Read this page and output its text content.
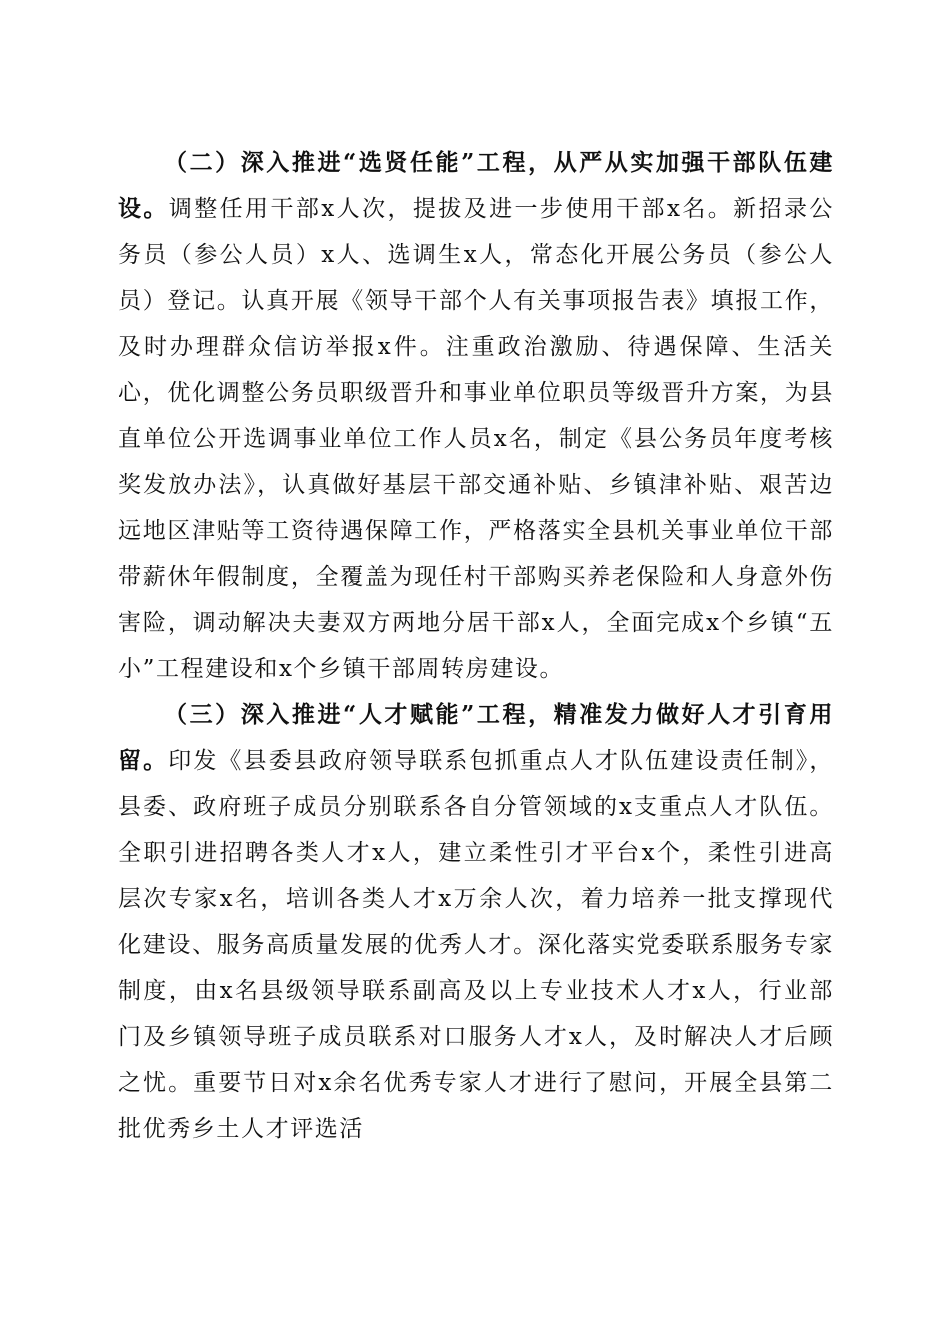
（二）深入推进“选贤任能”工程，从严从实加强干部队伍建设。调整任用干部x人次，提拔及进一步使用干部x名。新招录公务员（参公人员）x人、选调生x人，常态化开展公务员（参公人员）登记。认真开展《领导干部个人有关事项报告表》填报工作，及时办理群众信访举报x件。注重政治激励、待遇保障、生活关心，优化调整公务员职级晋升和事业单位职员等级晋升方案，为县直单位公开选调事业单位工作人员x名，制定《县公务员年度考核奖发放办法》，认真做好基层干部交通补贴、乡镇津补贴、艰苦边远地区津贴等工资待遇保障工作，严格落实全县机关事业单位干部带薪休年假制度，全覆盖为现任村干部购买养老保险和人身意外伤害险，调动解决夫妻双方两地分居干部x人，全面完成x个乡镇“五小”工程建设和x个乡镇干部周转房建设。

（三）深入推进“人才赋能”工程，精准发力做好人才引育用留。印发《县委县政府领导联系包抓重点人才队伍建设责任制》，县委、政府班子成员分别联系各自分管领域的x支重点人才队伍。全职引进招聘各类人才x人，建立柔性引才平台x个，柔性引进高层次专家x名，培训各类人才x万余人次，着力培养一批支撑现代化建设、服务高质量发展的优秀人才。深化落实党委联系服务专家制度，由x名县级领导联系副高及以上专业技术人才x人，行业部门及乡镇领导班子成员联系对口服务人才x人，及时解决人才后顾之忧。重要节日对x余名优秀专家人才进行了慰问，开展全县第二批优秀乡土人才评选活
